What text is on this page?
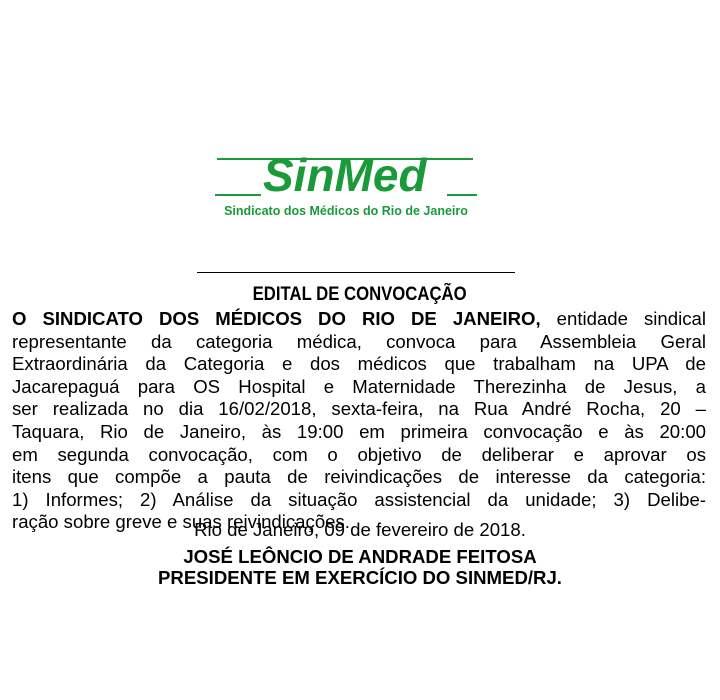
SinMed
Sindicato dos Médicos do Rio de Janeiro
EDITAL DE CONVOCAÇÃO
O SINDICATO DOS MÉDICOS DO RIO DE JANEIRO, entidade sindical
representante da categoria médica, convoca para Assembleia Geral
Extraordinária da Categoria e dos médicos que trabalham na UPA de
Jacarepaguá para OS Hospital e Maternidade Therezinha de Jesus, a
ser realizada no dia 16/02/2018, sexta-feira, na Rua André Rocha, 20 –
Taquara, Rio de Janeiro, às 19:00 em primeira convocação e às 20:00
em segunda convocação, com o objetivo de deliberar e aprovar os
itens que compõe a pauta de reivindicações de interesse da categoria:
1) Informes; 2) Análise da situação assistencial da unidade; 3) Delibe-
ração sobre greve e suas reivindicações.
Rio de Janeiro, 09 de fevereiro de 2018.
JOSÉ LEÔNCIO DE ANDRADE FEITOSA
PRESIDENTE EM EXERCÍCIO DO SINMED/RJ.
